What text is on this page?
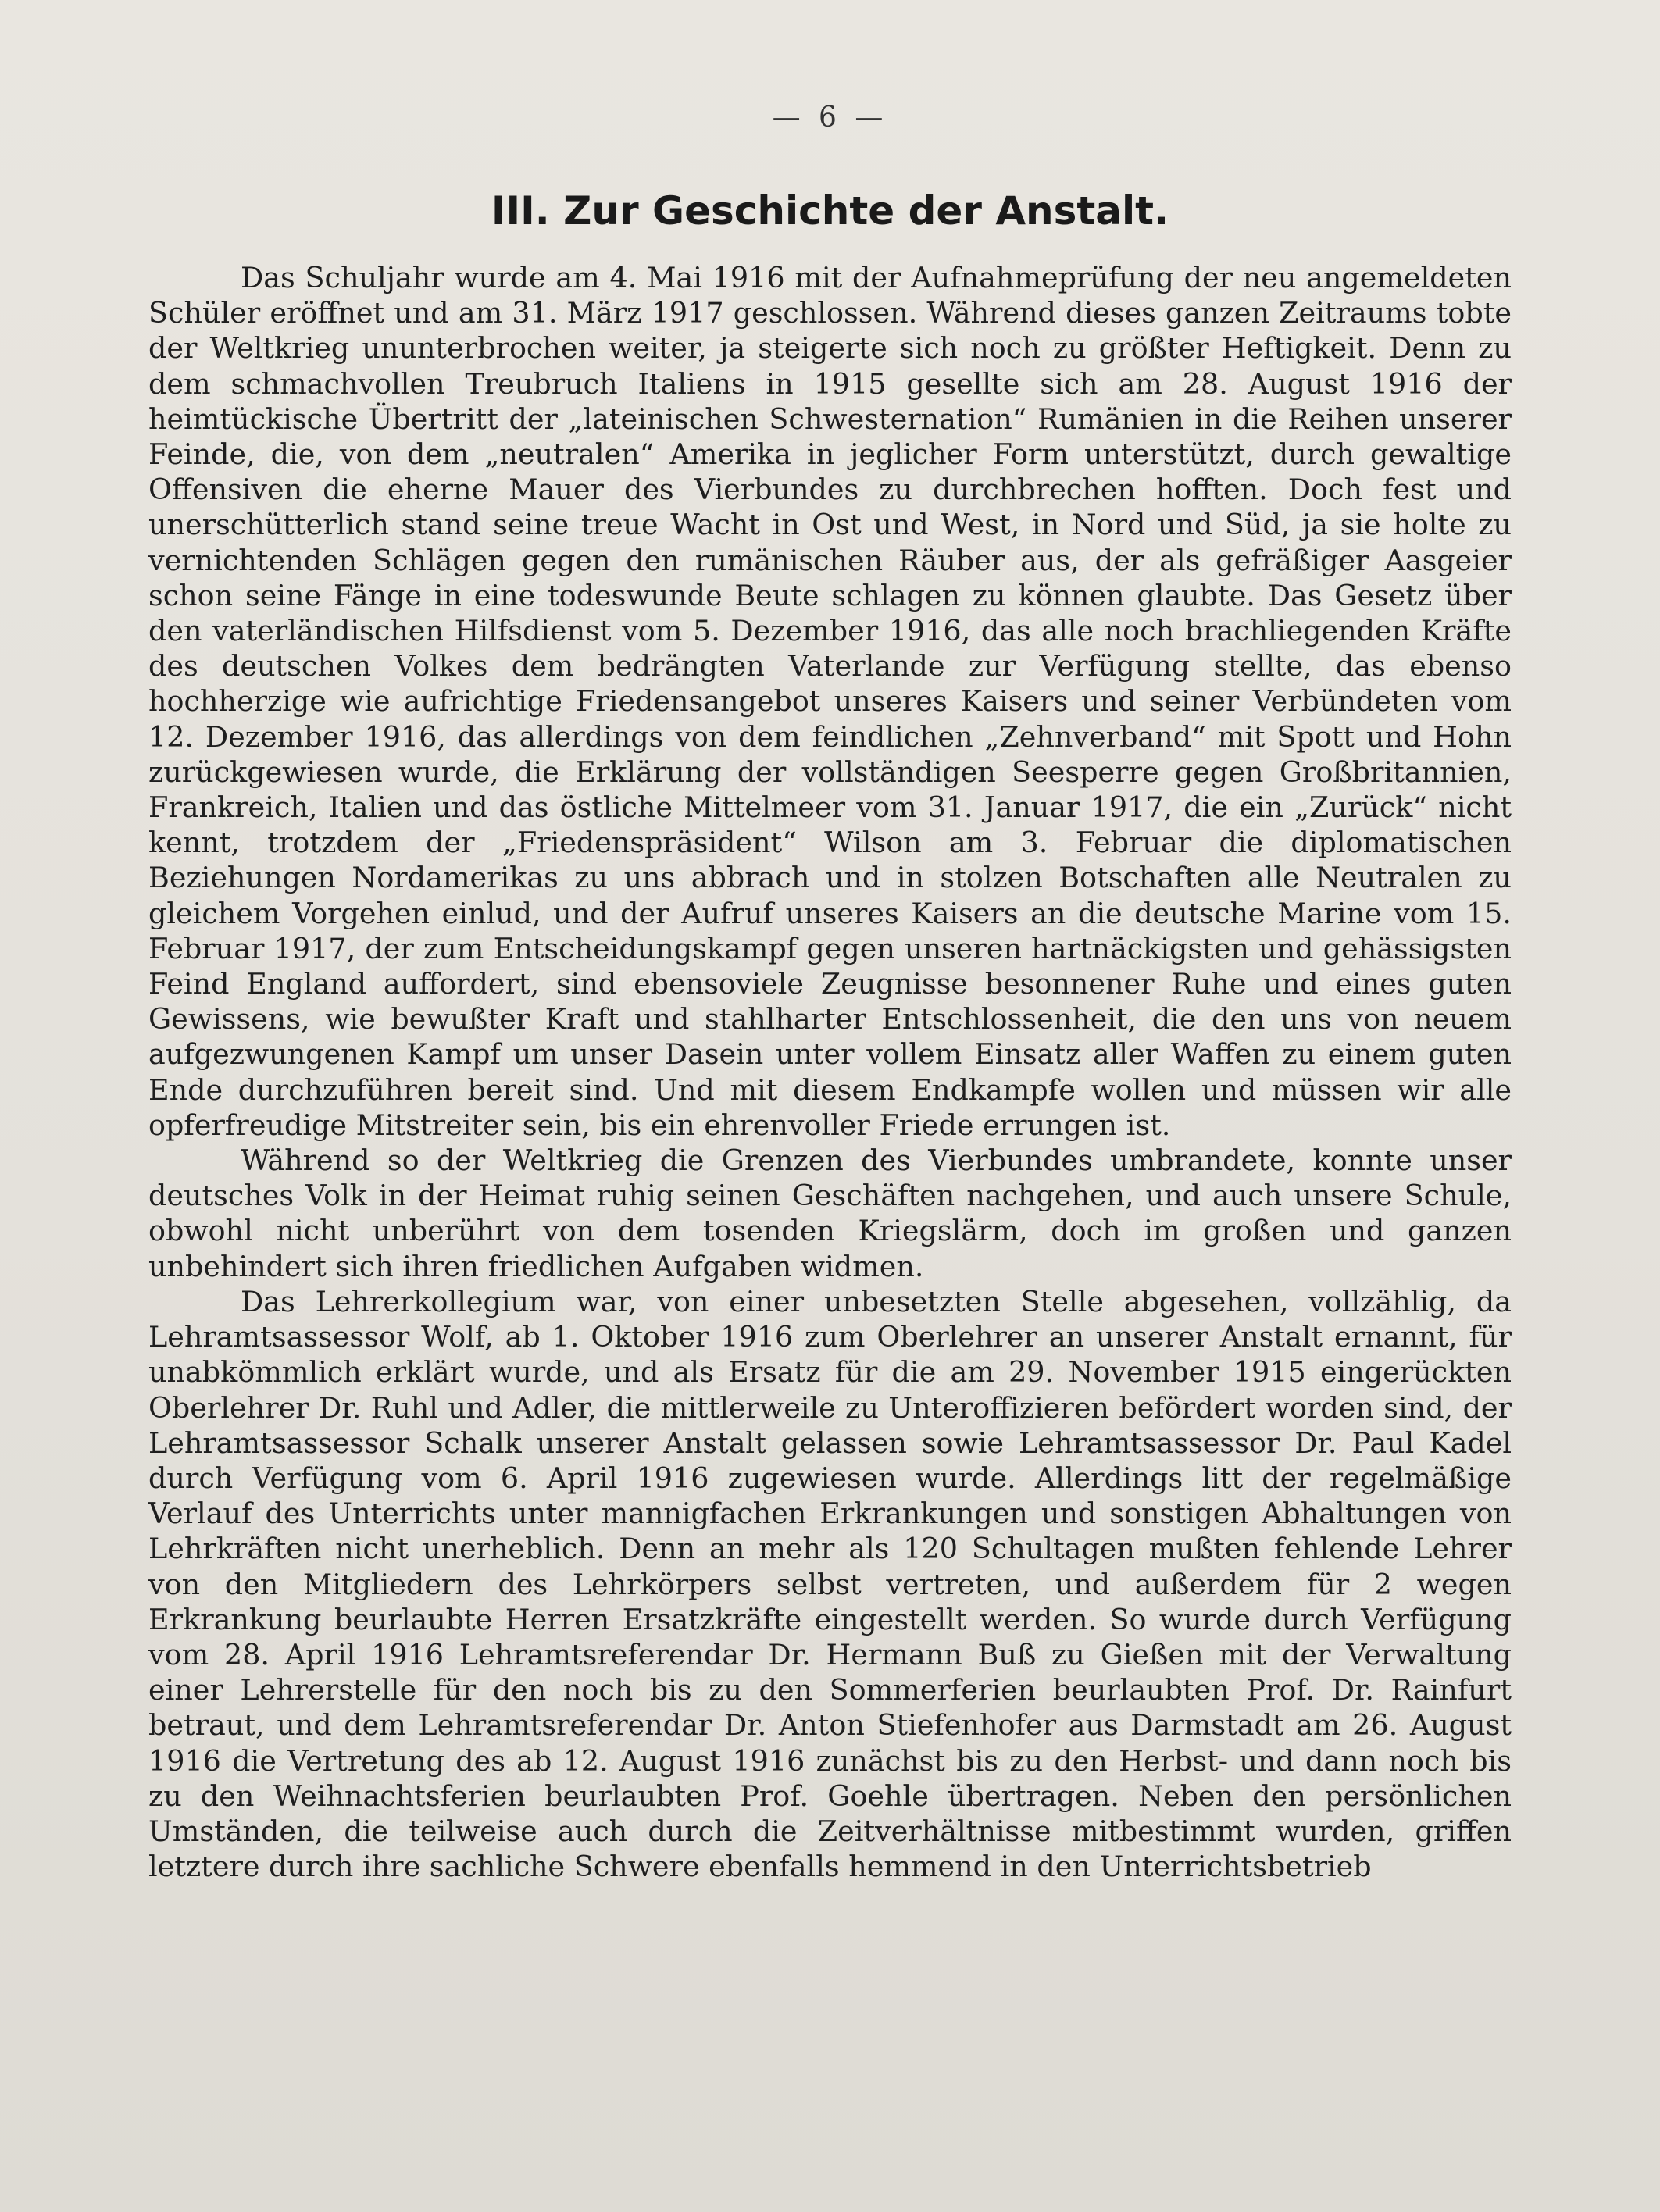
— 6 —
III. Zur Geschichte der Anstalt.

Das Schuljahr wurde am 4. Mai 1916 mit der Aufnahmeprüfung der neu angemeldeten Schüler eröffnet und am 31. März 1917 geschlossen. Während dieses ganzen Zeitraums tobte der Weltkrieg ununterbrochen weiter, ja steigerte sich noch zu größter Heftigkeit. Denn zu dem schmachvollen Treubruch Italiens in 1915 gesellte sich am 28. August 1916 der heimtückische Übertritt der „lateinischen Schwesternation“ Rumänien in die Reihen unserer Feinde, die, von dem „neutralen“ Amerika in jeglicher Form unterstützt, durch gewaltige Offensiven die eherne Mauer des Vierbundes zu durchbrechen hofften. Doch fest und unerschütterlich stand seine treue Wacht in Ost und West, in Nord und Süd, ja sie holte zu vernichtenden Schlägen gegen den rumänischen Räuber aus, der als gefräßiger Aasgeier schon seine Fänge in eine todeswunde Beute schlagen zu können glaubte. Das Gesetz über den vaterländischen Hilfsdienst vom 5. Dezember 1916, das alle noch brachliegenden Kräfte des deutschen Volkes dem bedrängten Vaterlande zur Verfügung stellte, das ebenso hochherzige wie aufrichtige Friedensangebot unseres Kaisers und seiner Verbündeten vom 12. Dezember 1916, das allerdings von dem feindlichen „Zehnverband“ mit Spott und Hohn zurückgewiesen wurde, die Erklärung der vollständigen Seesperre gegen Großbritannien, Frankreich, Italien und das östliche Mittelmeer vom 31. Januar 1917, die ein „Zurück“ nicht kennt, trotzdem der „Friedenspräsident“ Wilson am 3. Februar die diplomatischen Beziehungen Nordamerikas zu uns abbrach und in stolzen Botschaften alle Neutralen zu gleichem Vorgehen einlud, und der Aufruf unseres Kaisers an die deutsche Marine vom 15. Februar 1917, der zum Entscheidungskampf gegen unseren hartnäckigsten und gehässigsten Feind England auffordert, sind ebensoviele Zeugnisse besonnener Ruhe und eines guten Gewissens, wie bewußter Kraft und stahlharter Entschlossenheit, die den uns von neuem aufgezwungenen Kampf um unser Dasein unter vollem Einsatz aller Waffen zu einem guten Ende durchzuführen bereit sind. Und mit diesem Endkampfe wollen und müssen wir alle opferfreudige Mitstreiter sein, bis ein ehrenvoller Friede errungen ist.

Während so der Weltkrieg die Grenzen des Vierbundes umbrandete, konnte unser deutsches Volk in der Heimat ruhig seinen Geschäften nachgehen, und auch unsere Schule, obwohl nicht unberührt von dem tosenden Kriegslärm, doch im großen und ganzen unbehindert sich ihren friedlichen Aufgaben widmen.

Das Lehrerkollegium war, von einer unbesetzten Stelle abgesehen, vollzählig, da Lehramtsassessor Wolf, ab 1. Oktober 1916 zum Oberlehrer an unserer Anstalt ernannt, für unabkömmlich erklärt wurde, und als Ersatz für die am 29. November 1915 eingerückten Oberlehrer Dr. Ruhl und Adler, die mittlerweile zu Unteroffizieren befördert worden sind, der Lehramtsassessor Schalk unserer Anstalt gelassen sowie Lehramtsassessor Dr. Paul Kadel durch Verfügung vom 6. April 1916 zugewiesen wurde. Allerdings litt der regelmäßige Verlauf des Unterrichts unter mannigfachen Erkrankungen und sonstigen Abhaltungen von Lehrkräften nicht unerheblich. Denn an mehr als 120 Schultagen mußten fehlende Lehrer von den Mitgliedern des Lehrkörpers selbst vertreten, und außerdem für 2 wegen Erkrankung beurlaubte Herren Ersatzkräfte eingestellt werden. So wurde durch Verfügung vom 28. April 1916 Lehramtsreferendar Dr. Hermann Buß zu Gießen mit der Verwaltung einer Lehrerstelle für den noch bis zu den Sommerferien beurlaubten Prof. Dr. Rainfurt betraut, und dem Lehramtsreferendar Dr. Anton Stiefenhofer aus Darmstadt am 26. August 1916 die Vertretung des ab 12. August 1916 zunächst bis zu den Herbst- und dann noch bis zu den Weihnachtsferien beurlaubten Prof. Goehle übertragen. Neben den persönlichen Umständen, die teilweise auch durch die Zeitverhältnisse mitbestimmt wurden, griffen letztere durch ihre sachliche Schwere ebenfalls hemmend in den Unterrichtsbetrieb
